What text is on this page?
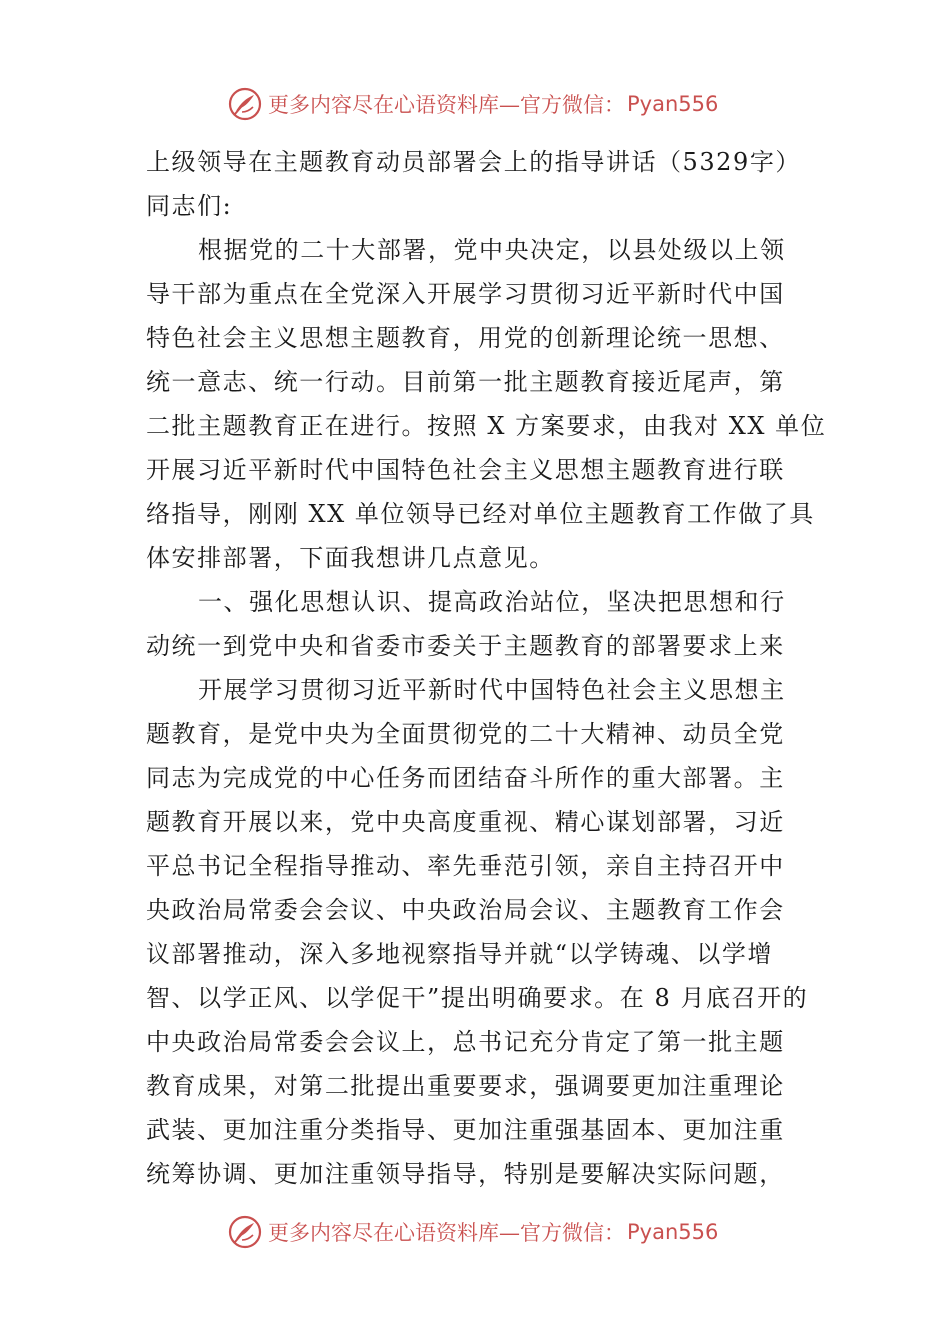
更多内容尽在心语资料库—官方微信： Pyan556
上级领导在主题教育动员部署会上的指导讲话（5329字）
同志们:
根据党的二十大部署，党中央决定，以县处级以上领
导干部为重点在全党深入开展学习贯彻习近平新时代中国
特色社会主义思想主题教育，用党的创新理论统一思想、
统一意志、统一行动。目前第一批主题教育接近尾声，第
二批主题教育正在进行。按照 X 方案要求，由我对 XX 单位
开展习近平新时代中国特色社会主义思想主题教育进行联
络指导，刚刚 XX 单位领导已经对单位主题教育工作做了具
体安排部署，下面我想讲几点意见。
一、强化思想认识、提高政治站位，坚决把思想和行
动统一到党中央和省委市委关于主题教育的部署要求上来
开展学习贯彻习近平新时代中国特色社会主义思想主
题教育，是党中央为全面贯彻党的二十大精神、动员全党
同志为完成党的中心任务而团结奋斗所作的重大部署。主
题教育开展以来，党中央高度重视、精心谋划部署，习近
平总书记全程指导推动、率先垂范引领，亲自主持召开中
央政治局常委会会议、中央政治局会议、主题教育工作会
议部署推动，深入多地视察指导并就“以学铸魂、以学增
智、以学正风、以学促干”提出明确要求。在 8 月底召开的
中央政治局常委会会议上，总书记充分肯定了第一批主题
教育成果，对第二批提出重要要求，强调要更加注重理论
武装、更加注重分类指导、更加注重强基固本、更加注重
统筹协调、更加注重领导指导，特别是要解决实际问题，
更多内容尽在心语资料库—官方微信： Pyan556
